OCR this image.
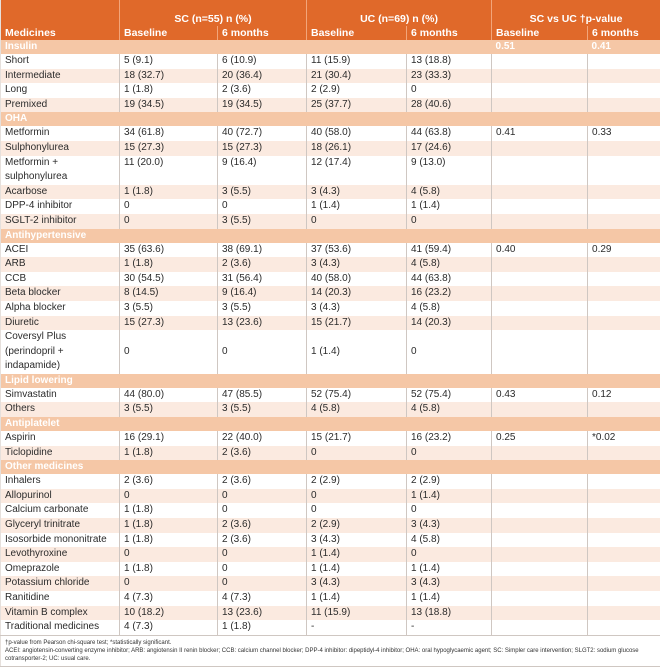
	SC (n=55) n (%)		UC (n=69) n (%)		SC vs UC †p-value	
Medicines	Baseline	6 months	Baseline	6 months	Baseline	6 months
Insulin					0.51	0.41
Short	5 (9.1)	6 (10.9)	11 (15.9)	13 (18.8)		
Intermediate	18 (32.7)	20 (36.4)	21 (30.4)	23 (33.3)		
Long	1 (1.8)	2 (3.6)	2 (2.9)	0		
Premixed	19 (34.5)	19 (34.5)	25 (37.7)	28 (40.6)		
OHA						
Metformin	34 (61.8)	40 (72.7)	40 (58.0)	44 (63.8)	0.41	0.33
Sulphonylurea	15 (27.3)	15 (27.3)	18 (26.1)	17 (24.6)		
Metformin + sulphonylurea	11 (20.0)	9 (16.4)	12 (17.4)	9 (13.0)		
Acarbose	1 (1.8)	3 (5.5)	3 (4.3)	4 (5.8)		
DPP-4 inhibitor	0	0	1 (1.4)	1 (1.4)		
SGLT-2 inhibitor	0	3 (5.5)	0	0		
Antihypertensive						
ACEI	35 (63.6)	38 (69.1)	37 (53.6)	41 (59.4)	0.40	0.29
ARB	1 (1.8)	2 (3.6)	3 (4.3)	4 (5.8)		
CCB	30 (54.5)	31 (56.4)	40 (58.0)	44 (63.8)		
Beta blocker	8 (14.5)	9 (16.4)	14 (20.3)	16 (23.2)		
Alpha blocker	3 (5.5)	3 (5.5)	3 (4.3)	4 (5.8)		
Diuretic	15 (27.3)	13 (23.6)	15 (21.7)	14 (20.3)		
Coversyl Plus (perindopril + indapamide)	0	0	1 (1.4)	0		
Lipid lowering						
Simvastatin	44 (80.0)	47 (85.5)	52 (75.4)	52 (75.4)	0.43	0.12
Others	3 (5.5)	3 (5.5)	4 (5.8)	4 (5.8)		
Antiplatelet						
Aspirin	16 (29.1)	22 (40.0)	15 (21.7)	16 (23.2)	0.25	*0.02
Ticlopidine	1 (1.8)	2 (3.6)	0	0		
Other medicines						
Inhalers	2 (3.6)	2 (3.6)	2 (2.9)	2 (2.9)		
Allopurinol	0	0	0	1 (1.4)		
Calcium carbonate	1 (1.8)	0	0	0		
Glyceryl trinitrate	1 (1.8)	2 (3.6)	2 (2.9)	3 (4.3)		
Isosorbide mononitrate	1 (1.8)	2 (3.6)	3 (4.3)	4 (5.8)		
Levothyroxine	0	0	1 (1.4)	0		
Omeprazole	1 (1.8)	0	1 (1.4)	1 (1.4)		
Potassium chloride	0	0	3 (4.3)	3 (4.3)		
Ranitidine	4 (7.3)	4 (7.3)	1 (1.4)	1 (1.4)		
Vitamin B complex	10 (18.2)	13 (23.6)	11 (15.9)	13 (18.8)		
Traditional medicines	4 (7.3)	1 (1.8)	-	-		

†p-value from Pearson chi-square test; *statistically significant.
ACEI: angiotensin-converting enzyme inhibitor; ARB: angiotensin II renin blocker; CCB: calcium channel blocker; DPP-4 inhibitor: dipeptidyl-4 inhibitor; OHA: oral hypoglycaemic agent; SC: Simpler care intervention; SLGT2: sodium glucose cotransporter-2; UC: usual care.						
